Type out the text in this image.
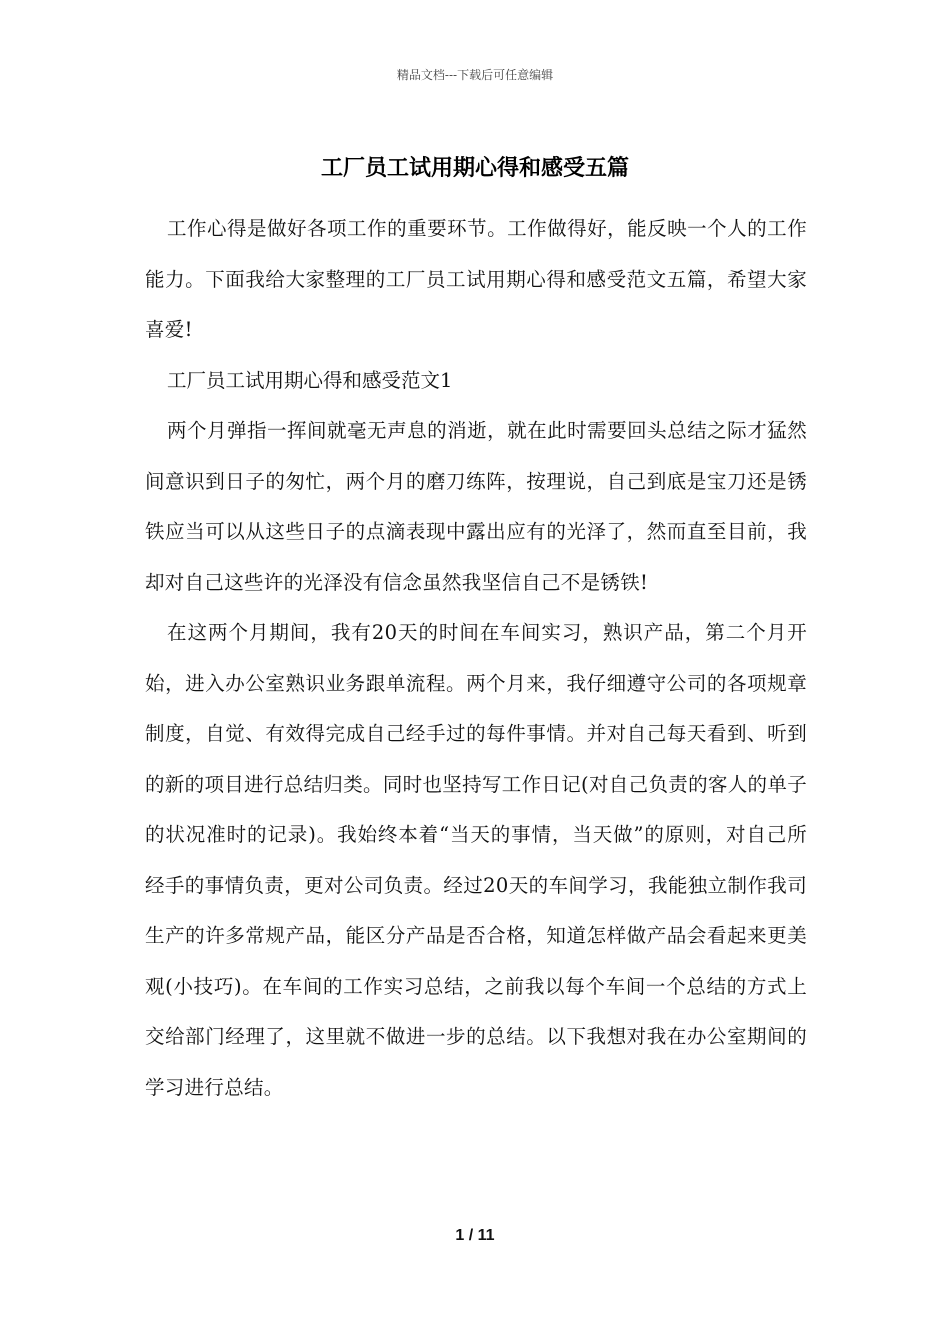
精品文档---下载后可任意编辑
工厂员工试用期心得和感受五篇

工作心得是做好各项工作的重要环节。工作做得好，能反映一个人的工作能力。下面我给大家整理的工厂员工试用期心得和感受范文五篇，希望大家喜爱!

工厂员工试用期心得和感受范文1

两个月弹指一挥间就毫无声息的消逝，就在此时需要回头总结之际才猛然间意识到日子的匆忙，两个月的磨刀练阵，按理说，自己到底是宝刀还是锈铁应当可以从这些日子的点滴表现中露出应有的光泽了，然而直至目前，我却对自己这些许的光泽没有信念虽然我坚信自己不是锈铁!

在这两个月期间，我有20天的时间在车间实习，熟识产品，第二个月开始，进入办公室熟识业务跟单流程。两个月来，我仔细遵守公司的各项规章制度，自觉、有效得完成自己经手过的每件事情。并对自己每天看到、听到的新的项目进行总结归类。同时也坚持写工作日记(对自己负责的客人的单子的状况准时的记录)。我始终本着“当天的事情，当天做”的原则，对自己所经手的事情负责，更对公司负责。经过20天的车间学习，我能独立制作我司生产的许多常规产品，能区分产品是否合格，知道怎样做产品会看起来更美观(小技巧)。在车间的工作实习总结，之前我以每个车间一个总结的方式上交给部门经理了，这里就不做进一步的总结。以下我想对我在办公室期间的学习进行总结。

1 / 11
